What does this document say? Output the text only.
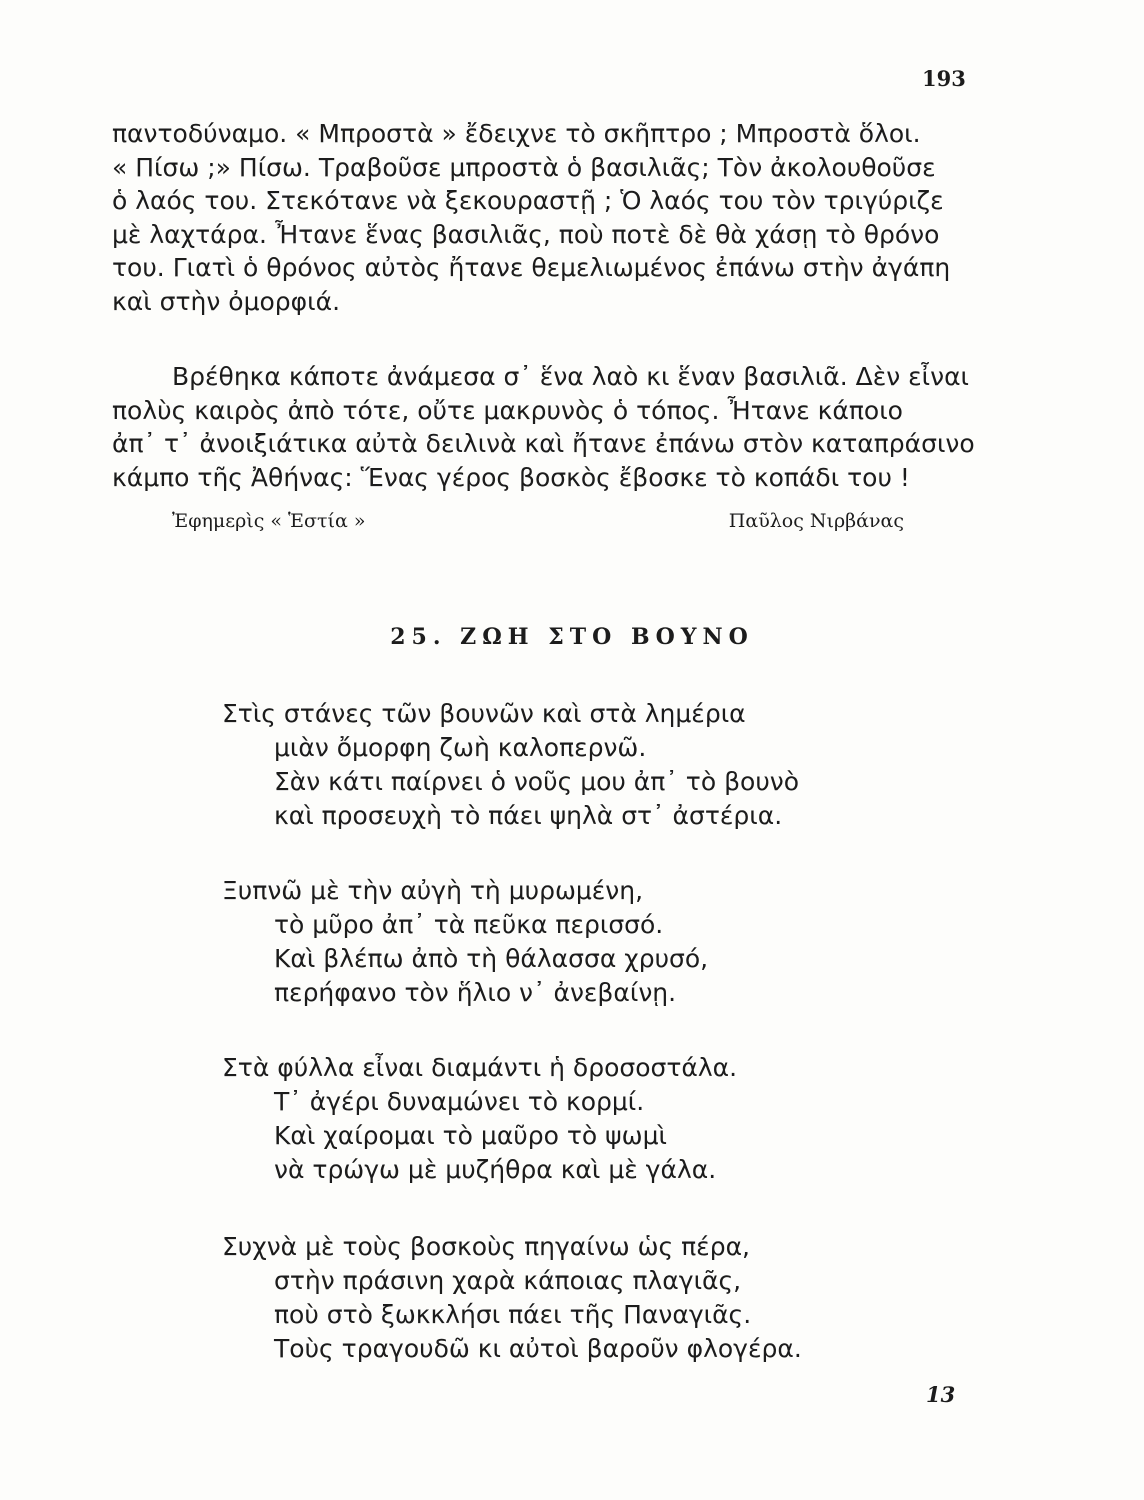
193
παντοδύναμο. « Μπροστὰ » ἔδειχνε τὸ σκῆπτρο ; Μπροστὰ ὅλοι.
« Πίσω ;» Πίσω. Τραβοῦσε μπροστὰ ὁ βασιλιᾶς; Τὸν ἀκολουθοῦσε
ὁ λαός του. Στεκότανε νὰ ξεκουραστῇ ; Ὁ λαός του τὸν τριγύριζε
μὲ λαχτάρα. Ἦτανε ἕνας βασιλιᾶς, ποὺ ποτὲ δὲ θὰ χάσῃ τὸ θρόνο
του. Γιατὶ ὁ θρόνος αὐτὸς ἤτανε θεμελιωμένος ἐπάνω στὴν ἀγάπη
καὶ στὴν ὀμορφιά.
Βρέθηκα κάποτε ἀνάμεσα σ᾽ ἕνα λαὸ κι ἕναν βασιλιᾶ. Δὲν εἶναι
πολὺς καιρὸς ἀπὸ τότε, οὔτε μακρυνὸς ὁ τόπος. Ἦτανε κάποιο
ἀπ᾽ τ᾽ ἀνοιξιάτικα αὐτὰ δειλινὰ καὶ ἤτανε ἐπάνω στὸν καταπράσινο
κάμπο τῆς Ἀθήνας: Ἕνας γέρος βοσκὸς ἔβοσκε τὸ κοπάδι του !
Ἐφημερὶς « Ἑστία »	Παῦλος Νιρβάνας
25. ΖΩΗ ΣΤΟ ΒΟΥΝΟ
Στὶς στάνες τῶν βουνῶν καὶ στὰ λημέρια
μιὰν ὄμορφη ζωὴ καλοπερνῶ.
Σὰν κάτι παίρνει ὁ νοῦς μου ἀπ᾽ τὸ βουνὸ
καὶ προσευχὴ τὸ πάει ψηλὰ στ᾽ ἀστέρια.
Ξυπνῶ μὲ τὴν αὐγὴ τὴ μυρωμένη,
τὸ μῦρο ἀπ᾽ τὰ πεῦκα περισσό.
Καὶ βλέπω ἀπὸ τὴ θάλασσα χρυσό,
περήφανο τὸν ἥλιο ν᾽ ἀνεβαίνῃ.
Στὰ φύλλα εἶναι διαμάντι ἡ δροσοστάλα.
Τ᾽ ἀγέρι δυναμώνει τὸ κορμί.
Καὶ χαίρομαι τὸ μαῦρο τὸ ψωμὶ
νὰ τρώγω μὲ μυζήθρα καὶ μὲ γάλα.
Συχνὰ μὲ τοὺς βοσκοὺς πηγαίνω ὡς πέρα,
στὴν πράσινη χαρὰ κάποιας πλαγιᾶς,
ποὺ στὸ ξωκκλήσι πάει τῆς Παναγιᾶς.
Τοὺς τραγουδῶ κι αὐτοὶ βαροῦν φλογέρα.
13
